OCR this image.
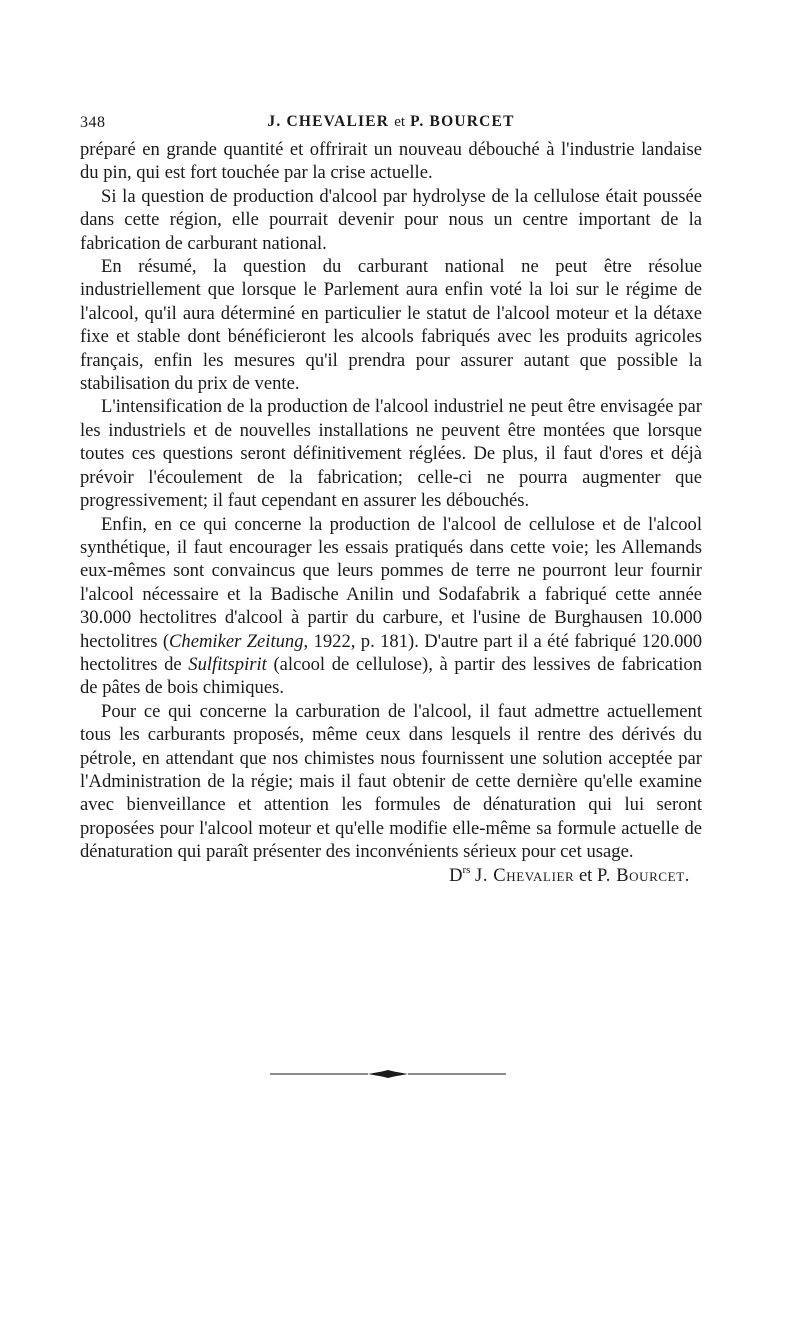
348	J. CHEVALIER et P. BOURCET

préparé en grande quantité et offrirait un nouveau débouché à l'industrie landaise du pin, qui est fort touchée par la crise actuelle.

Si la question de production d'alcool par hydrolyse de la cellulose était poussée dans cette région, elle pourrait devenir pour nous un centre important de la fabrication de carburant national.

En résumé, la question du carburant national ne peut être résolue industriellement que lorsque le Parlement aura enfin voté la loi sur le régime de l'alcool, qu'il aura déterminé en particulier le statut de l'alcool moteur et la détaxe fixe et stable dont bénéficieront les alcools fabriqués avec les produits agricoles français, enfin les mesures qu'il prendra pour assurer autant que possible la stabilisation du prix de vente.

L'intensification de la production de l'alcool industriel ne peut être envisagée par les industriels et de nouvelles installations ne peuvent être montées que lorsque toutes ces questions seront définitivement réglées. De plus, il faut d'ores et déjà prévoir l'écoulement de la fabrication; celle-ci ne pourra augmenter que progressivement; il faut cependant en assurer les débouchés.

Enfin, en ce qui concerne la production de l'alcool de cellulose et de l'alcool synthétique, il faut encourager les essais pratiqués dans cette voie; les Allemands eux-mêmes sont convaincus que leurs pommes de terre ne pourront leur fournir l'alcool nécessaire et la Badische Anilin und Sodafabrik a fabriqué cette année 30.000 hectolitres d'alcool à partir du carbure, et l'usine de Burghausen 10.000 hectolitres (Chemiker Zeitung, 1922, p. 181). D'autre part il a été fabriqué 120.000 hectolitres de Sulfitspirit (alcool de cellulose), à partir des lessives de fabrication de pâtes de bois chimiques.

Pour ce qui concerne la carburation de l'alcool, il faut admettre actuellement tous les carburants proposés, même ceux dans lesquels il rentre des dérivés du pétrole, en attendant que nos chimistes nous fournissent une solution acceptée par l'Administration de la régie; mais il faut obtenir de cette dernière qu'elle examine avec bienveillance et attention les formules de dénaturation qui lui seront proposées pour l'alcool moteur et qu'elle modifie elle-même sa formule actuelle de dénaturation qui paraît présenter des inconvénients sérieux pour cet usage.

$D^{rs}$ J. Chevalier et P. Bourcet.
